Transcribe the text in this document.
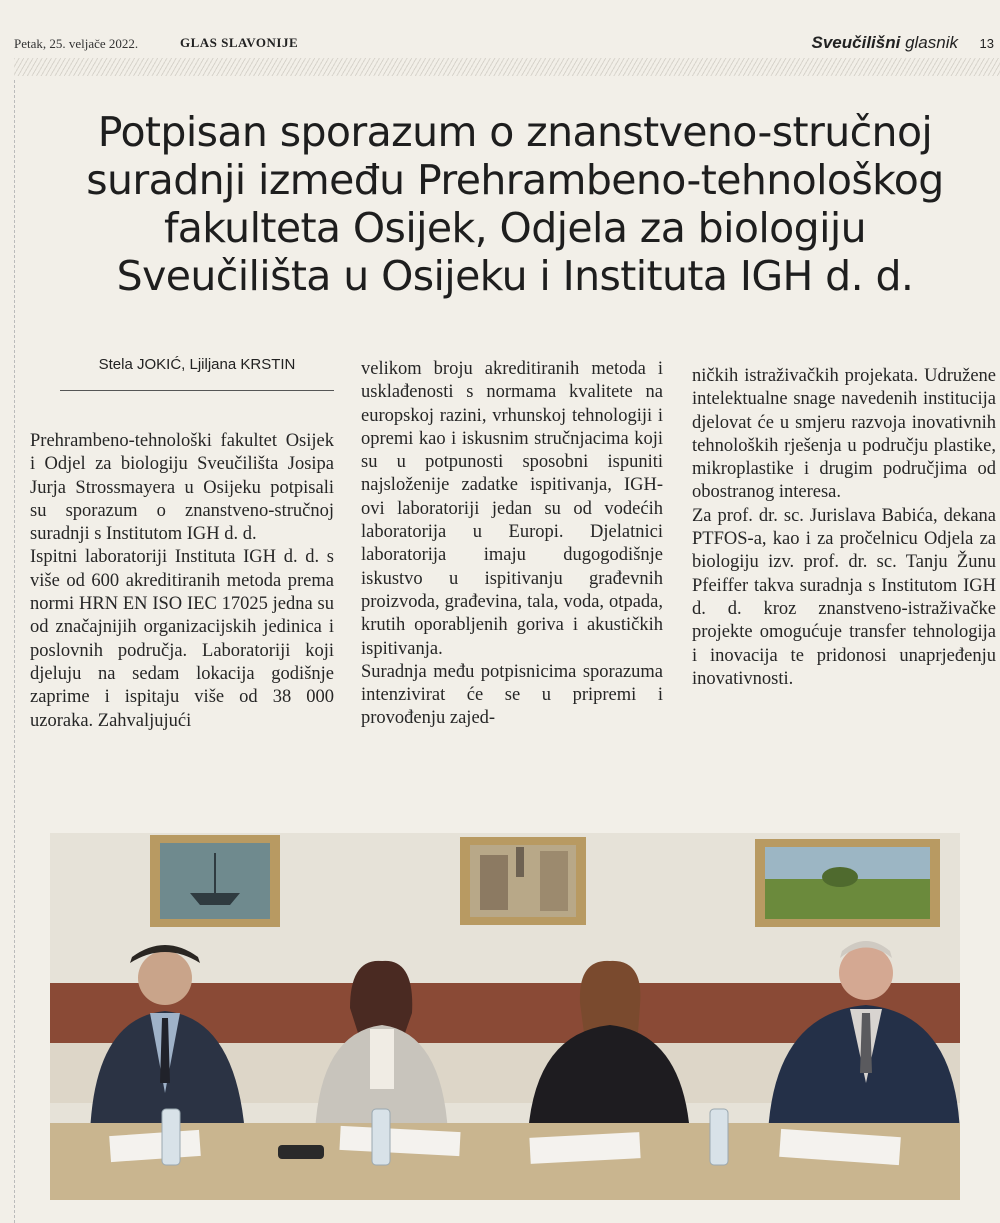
Petak, 25. veljače 2022.	GLAS SLAVONIJE	Sveučilišni glasnik 13
Potpisan sporazum o znanstveno-stručnoj
suradnji između Prehrambeno-tehnološkog
fakulteta Osijek, Odjela za biologiju
Sveučilišta u Osijeku i Instituta IGH d. d.
Stela JOKIĆ, Ljiljana KRSTIN

Prehrambeno-tehnološki fakultet Osijek i Odjel za biologiju Sveučilišta Josipa Jurja Strossmayera u Osijeku potpisali su sporazum o znanstveno-stručnoj suradnji s Institutom IGH d. d.

Ispitni laboratoriji Instituta IGH d. d. s više od 600 akreditiranih metoda prema normi HRN EN ISO IEC 17025 jedna su od značajnijih organizacijskih jedinica i poslovnih područja. Laboratoriji koji djeluju na sedam lokacija godišnje zaprime i ispitaju više od 38 000 uzoraka. Zahvaljujući

velikom broju akreditiranih metoda i usklađenosti s normama kvalitete na europskoj razini, vrhunskoj tehnologiji i opremi kao i iskusnim stručnjacima koji su u potpunosti sposobni ispuniti najsloženije zadatke ispitivanja, IGH-ovi laboratoriji jedan su od vodećih laboratorija u Europi. Djelatnici laboratorija imaju dugogodišnje iskustvo u ispitivanju građevnih proizvoda, građevina, tala, voda, otpada, krutih oporabljenih goriva i akustičkih ispitivanja.

Suradnja među potpisnicima sporazuma intenzivirat će se u pripremi i provođenju zajed-

ničkih istraživačkih projekata. Udružene intelektualne snage navedenih institucija djelovat će u smjeru razvoja inovativnih tehnoloških rješenja u području plastike, mikroplastike i drugim područjima od obostranog interesa.

Za prof. dr. sc. Jurislava Babića, dekana PTFOS-a, kao i za pročelnicu Odjela za biologiju izv. prof. dr. sc. Tanju Žunu Pfeiffer takva suradnja s Institutom IGH d. d. kroz znanstveno-istraživačke projekte omogućuje transfer tehnologija i inovacija te pridonosi unaprjeđenju inovativnosti.
